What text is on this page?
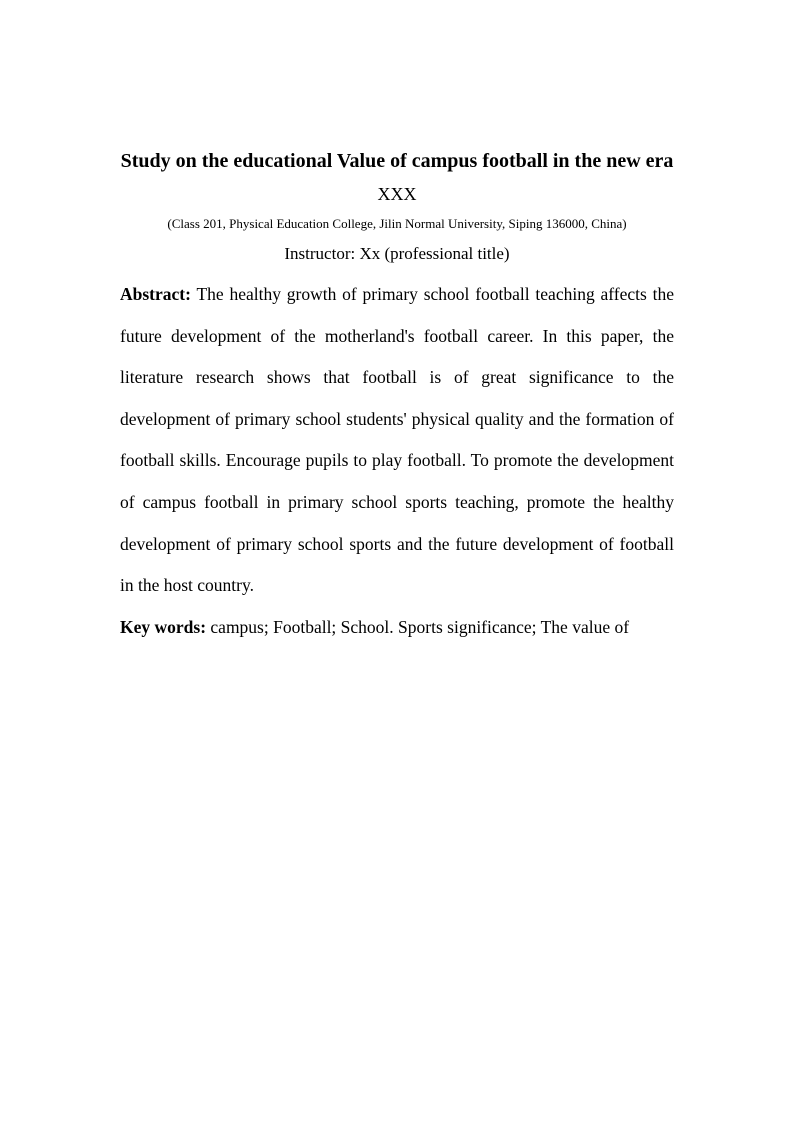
Study on the educational Value of campus football in the new era
XXX
(Class 201, Physical Education College, Jilin Normal University, Siping 136000, China)
Instructor: Xx (professional title)

Abstract: The healthy growth of primary school football teaching affects the future development of the motherland's football career. In this paper, the literature research shows that football is of great significance to the development of primary school students' physical quality and the formation of football skills. Encourage pupils to play football. To promote the development of campus football in primary school sports teaching, promote the healthy development of primary school sports and the future development of football in the host country.

Key words: campus; Football; School. Sports significance; The value of
